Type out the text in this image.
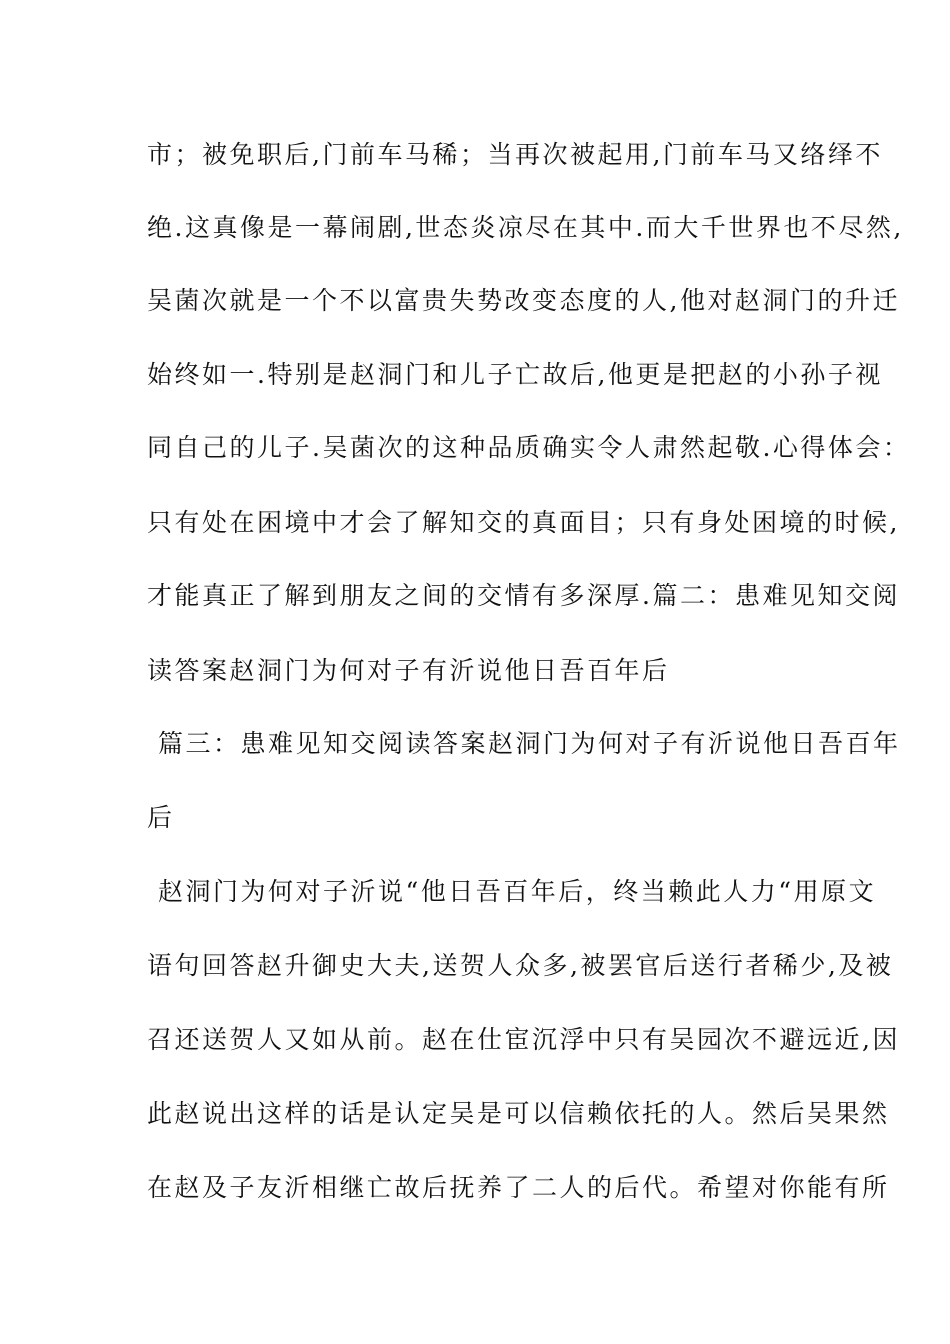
市；被免职后,门前车马稀；当再次被起用,门前车马又络绎不
绝.这真像是一幕闹剧,世态炎凉尽在其中.而大千世界也不尽然,
吴菌次就是一个不以富贵失势改变态度的人,他对赵洞门的升迁
始终如一.特别是赵洞门和儿子亡故后,他更是把赵的小孙子视
同自己的儿子.吴菌次的这种品质确实令人肃然起敬.心得体会：
只有处在困境中才会了解知交的真面目；只有身处困境的时候,
才能真正了解到朋友之间的交情有多深厚.篇二：患难见知交阅
读答案赵洞门为何对子有沂说他日吾百年后
篇三：患难见知交阅读答案赵洞门为何对子有沂说他日吾百年
后
赵洞门为何对子沂说“他日吾百年后，终当赖此人力“用原文
语句回答赵升御史大夫,送贺人众多,被罢官后送行者稀少,及被
召还送贺人又如从前。赵在仕宦沉浮中只有吴园次不避远近,因
此赵说出这样的话是认定吴是可以信赖依托的人。然后吴果然
在赵及子友沂相继亡故后抚养了二人的后代。希望对你能有所
